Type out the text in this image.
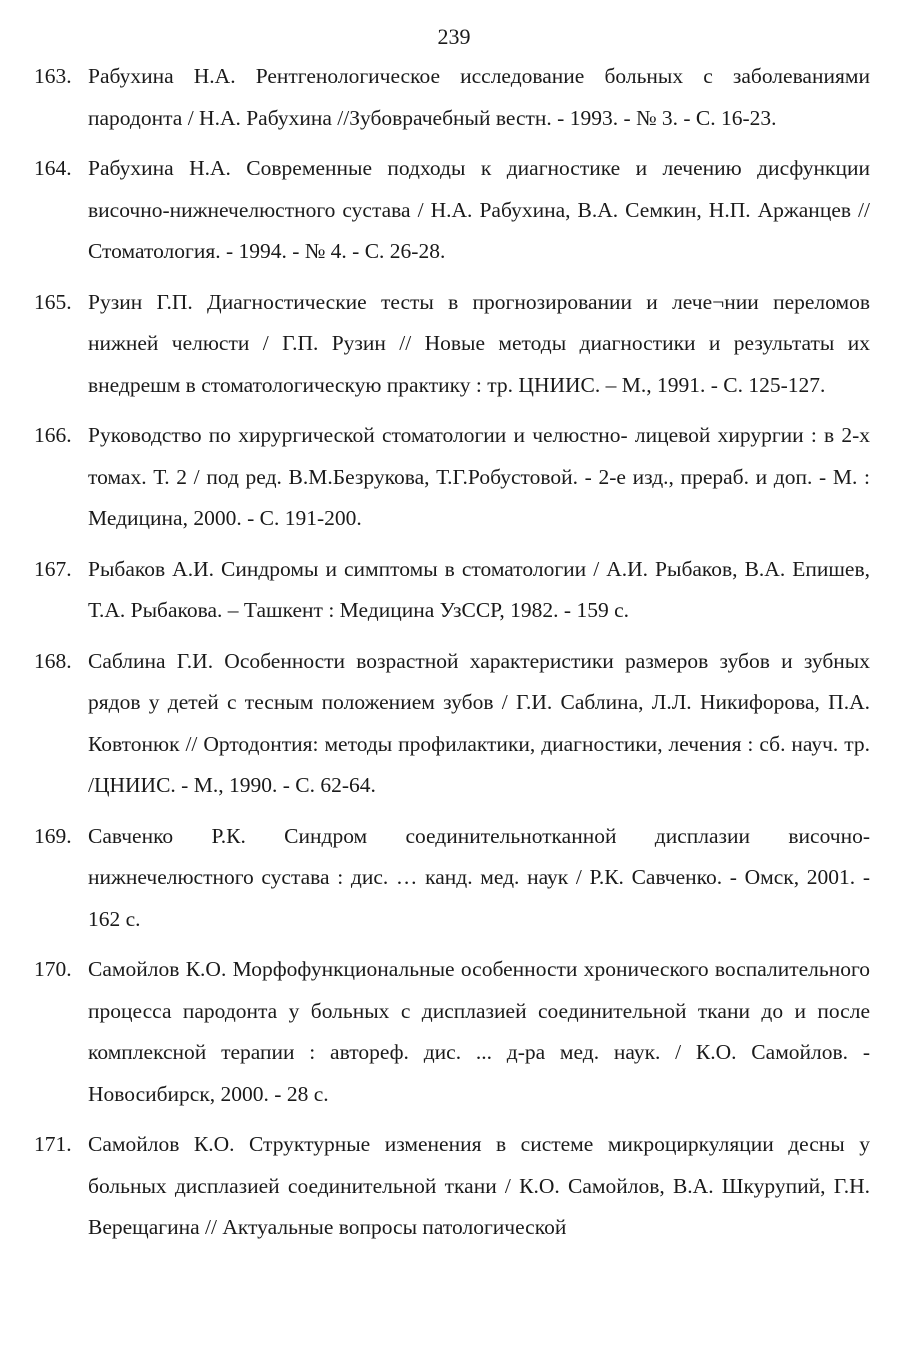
239
163. Рабухина Н.А. Рентгенологическое исследование больных с заболеваниями пародонта / Н.А. Рабухина //Зубоврачебный вестн. - 1993. - № 3. - С. 16-23.
164. Рабухина Н.А. Современные подходы к диагностике и лечению дисфункции височно-нижнечелюстного сустава / Н.А. Рабухина, В.А. Семкин, Н.П. Аржанцев // Стоматология. - 1994. - № 4. - С. 26-28.
165. Рузин Г.П. Диагностические тесты в прогнозировании и лече¬нии переломов нижней челюсти / Г.П. Рузин // Новые методы диагностики и результаты их внедрешм в стоматологическую практику : тр. ЦНИИС. – М., 1991. - С. 125-127.
166. Руководство по хирургической стоматологии и челюстно- лицевой хирургии : в 2-х томах. Т. 2 / под ред. В.М.Безрукова, Т.Г.Робустовой. - 2-е изд., прераб. и доп. - М. : Медицина, 2000. - С. 191-200.
167. Рыбаков А.И. Синдромы и симптомы в стоматологии / А.И. Рыбаков, В.А. Епишев, Т.А. Рыбакова. – Ташкент : Медицина УзССР, 1982. - 159 с.
168. Саблина Г.И. Особенности возрастной характеристики размеров зубов и зубных рядов у детей с тесным положением зубов / Г.И. Саблина, Л.Л. Никифорова, П.А. Ковтонюк // Ортодонтия: методы профилактики, диагностики, лечения : сб. науч. тр. /ЦНИИС. - М., 1990. - С. 62-64.
169. Савченко Р.К. Синдром соединительнотканной дисплазии височно-нижнечелюстного сустава : дис. … канд. мед. наук / Р.К. Савченко. - Омск, 2001. - 162 с.
170. Самойлов К.О. Морфофункциональные особенности хронического воспалительного процесса пародонта у больных с дисплазией соединительной ткани до и после комплексной терапии : автореф. дис. ... д-ра мед. наук. / К.О. Самойлов. - Новосибирск, 2000. - 28 с.
171. Самойлов К.О. Структурные изменения в системе микроциркуляции десны у больных дисплазией соединительной ткани / К.О. Самойлов, В.А. Шкурупий, Г.Н. Верещагина // Актуальные вопросы патологической
